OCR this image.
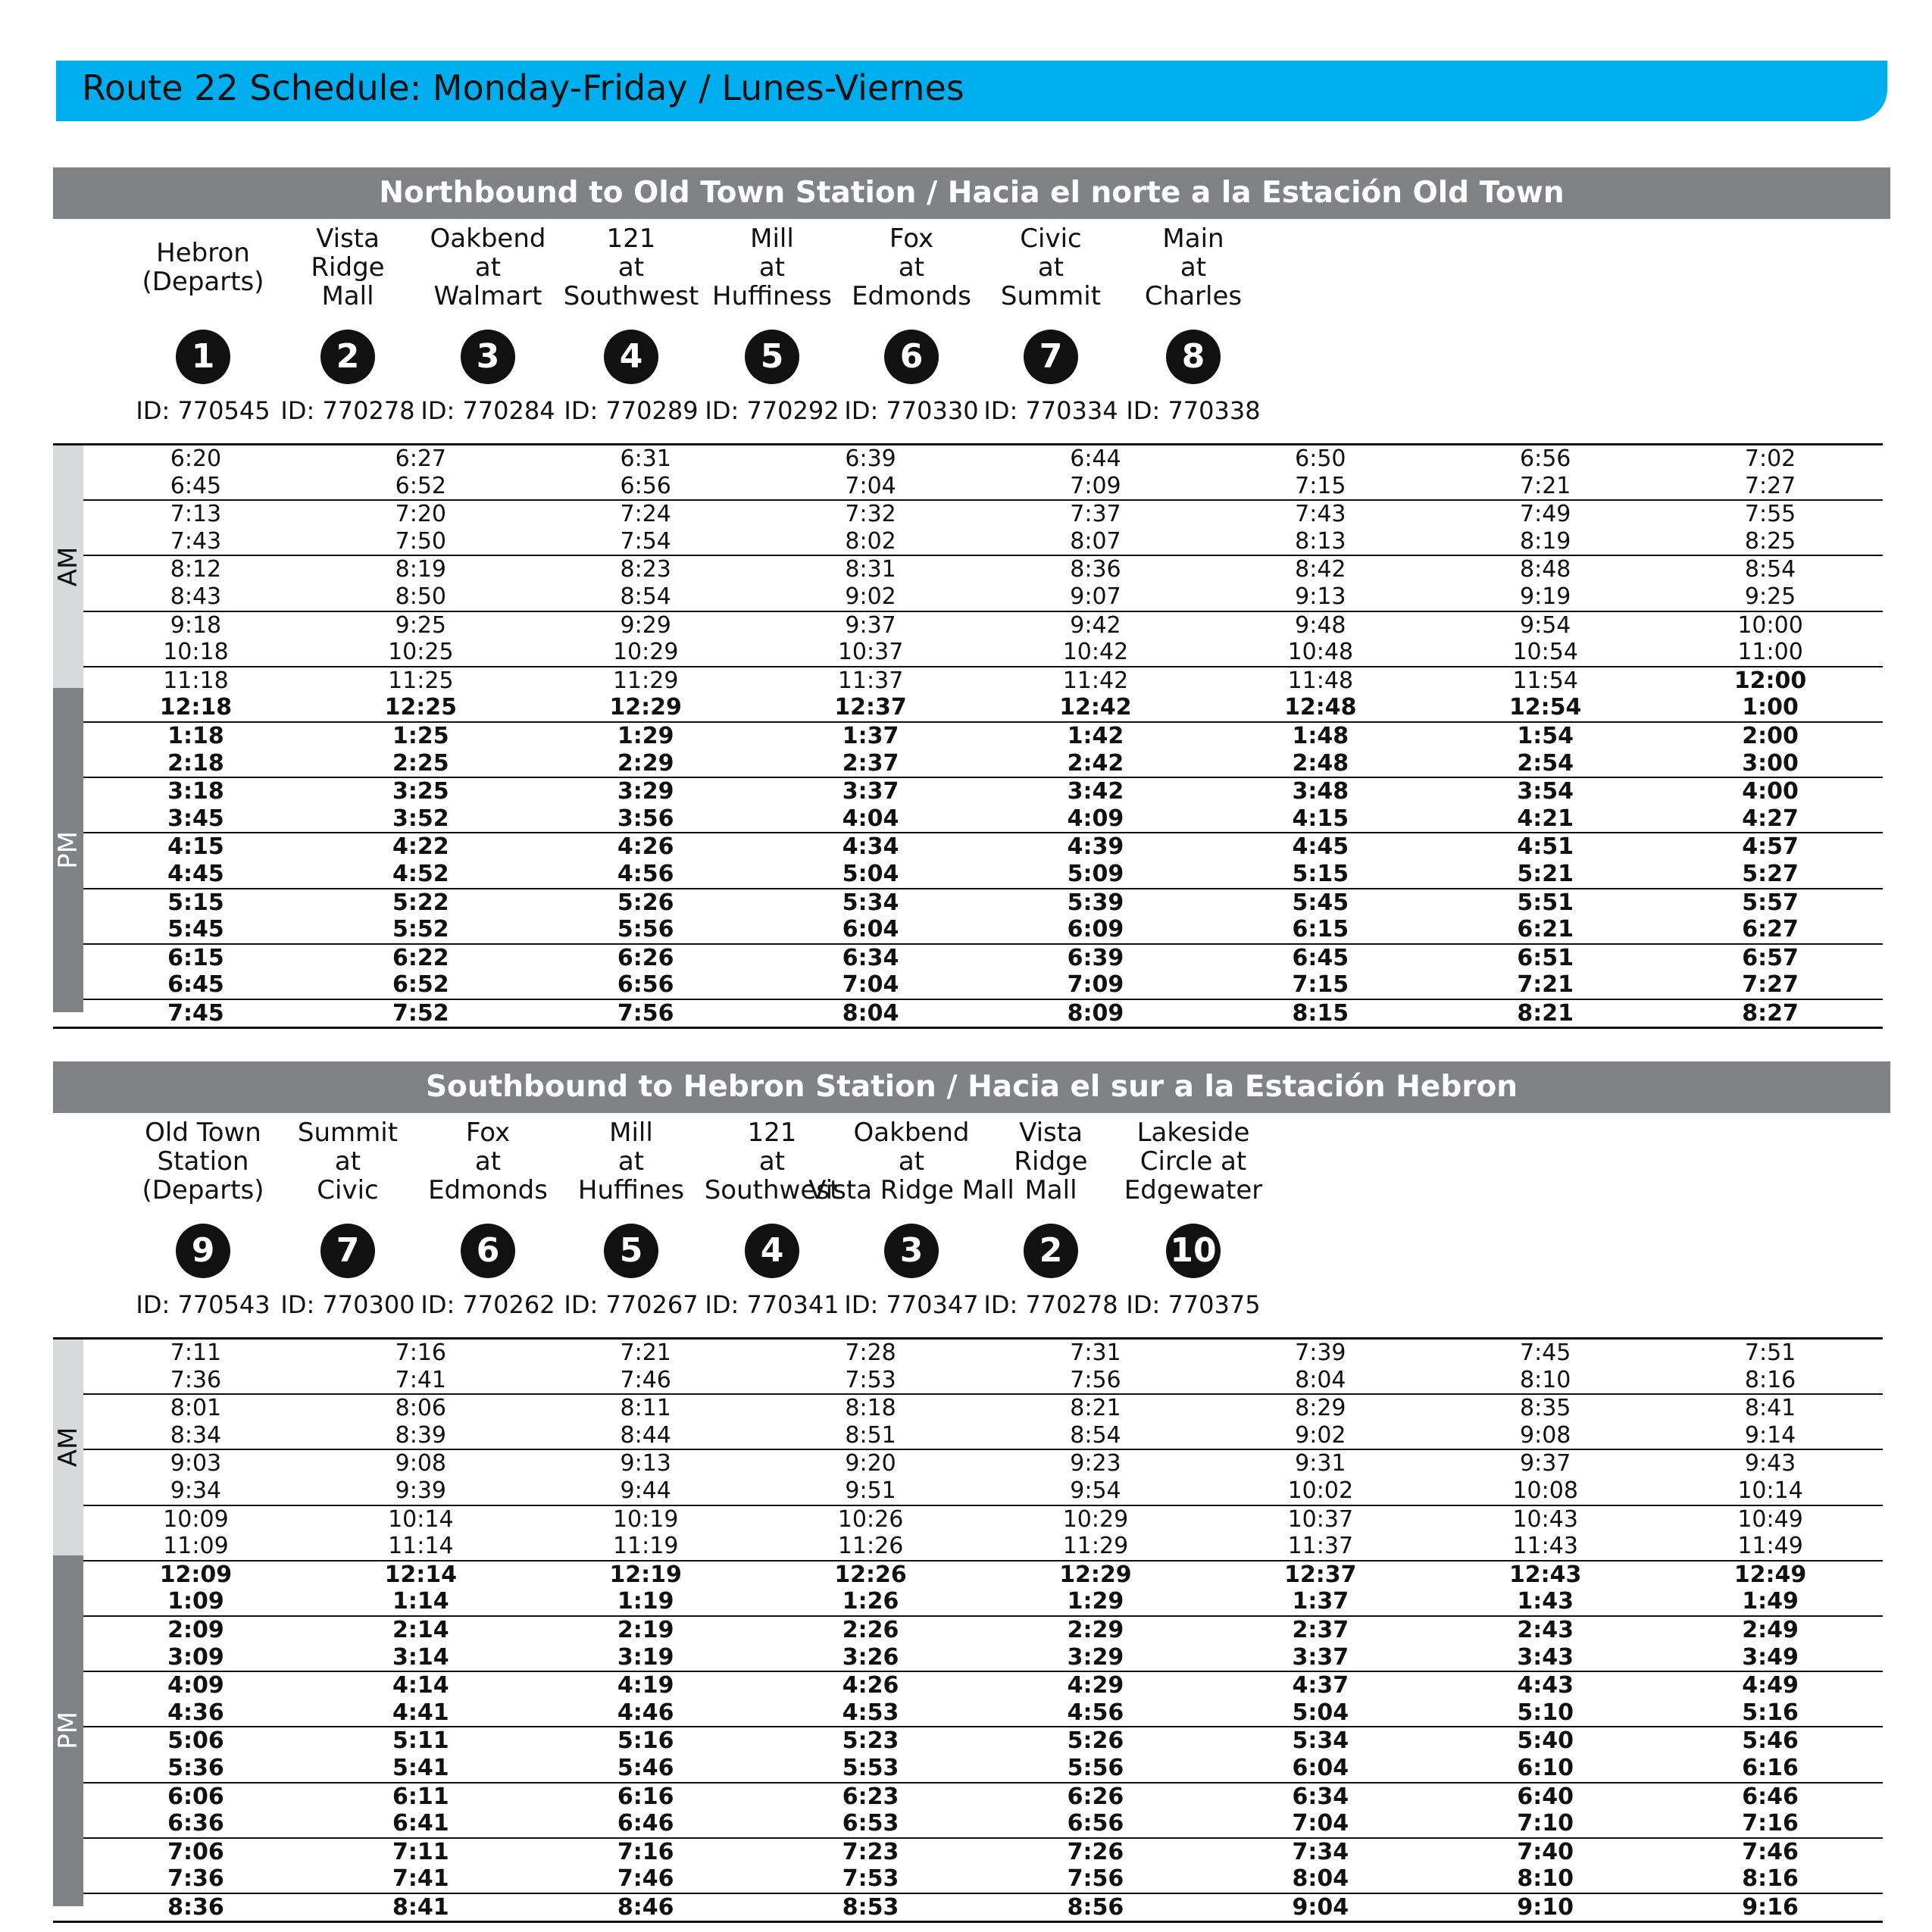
Route 22 Schedule: Monday-Friday / Lunes-Viernes
Northbound to Old Town Station / Hacia el norte a la Estación Old Town
Hebron
(Departs)
1
ID: 770545
Vista
Ridge
Mall
2
ID: 770278
Oakbend
at
Walmart
3
ID: 770284
121
at
Southwest
4
ID: 770289
Mill
at
Huffiness
5
ID: 770292
Fox
at
Edmonds
6
ID: 770330
Civic
at
Summit
7
ID: 770334
Main
at
Charles
8
ID: 770338
AM
PM
6:20	6:27	6:31	6:39	6:44	6:50	6:56	7:02
6:45	6:52	6:56	7:04	7:09	7:15	7:21	7:27
7:13	7:20	7:24	7:32	7:37	7:43	7:49	7:55
7:43	7:50	7:54	8:02	8:07	8:13	8:19	8:25
8:12	8:19	8:23	8:31	8:36	8:42	8:48	8:54
8:43	8:50	8:54	9:02	9:07	9:13	9:19	9:25
9:18	9:25	9:29	9:37	9:42	9:48	9:54	10:00
10:18	10:25	10:29	10:37	10:42	10:48	10:54	11:00
11:18	11:25	11:29	11:37	11:42	11:48	11:54	12:00
12:18	12:25	12:29	12:37	12:42	12:48	12:54	1:00
1:18	1:25	1:29	1:37	1:42	1:48	1:54	2:00
2:18	2:25	2:29	2:37	2:42	2:48	2:54	3:00
3:18	3:25	3:29	3:37	3:42	3:48	3:54	4:00
3:45	3:52	3:56	4:04	4:09	4:15	4:21	4:27
4:15	4:22	4:26	4:34	4:39	4:45	4:51	4:57
4:45	4:52	4:56	5:04	5:09	5:15	5:21	5:27
5:15	5:22	5:26	5:34	5:39	5:45	5:51	5:57
5:45	5:52	5:56	6:04	6:09	6:15	6:21	6:27
6:15	6:22	6:26	6:34	6:39	6:45	6:51	6:57
6:45	6:52	6:56	7:04	7:09	7:15	7:21	7:27
7:45	7:52	7:56	8:04	8:09	8:15	8:21	8:27
Southbound to Hebron Station / Hacia el sur a la Estación Hebron
Old Town
Station
(Departs)
9
ID: 770543
Summit
at
Civic
7
ID: 770300
Fox
at
Edmonds
6
ID: 770262
Mill
at
Huffines
5
ID: 770267
121
at
Southwest
4
ID: 770341
Oakbend
at
Vista Ridge Mall
3
ID: 770347
Vista
Ridge
Mall
2
ID: 770278
Lakeside
Circle at
Edgewater
10
ID: 770375
AM
PM
7:11	7:16	7:21	7:28	7:31	7:39	7:45	7:51
7:36	7:41	7:46	7:53	7:56	8:04	8:10	8:16
8:01	8:06	8:11	8:18	8:21	8:29	8:35	8:41
8:34	8:39	8:44	8:51	8:54	9:02	9:08	9:14
9:03	9:08	9:13	9:20	9:23	9:31	9:37	9:43
9:34	9:39	9:44	9:51	9:54	10:02	10:08	10:14
10:09	10:14	10:19	10:26	10:29	10:37	10:43	10:49
11:09	11:14	11:19	11:26	11:29	11:37	11:43	11:49
12:09	12:14	12:19	12:26	12:29	12:37	12:43	12:49
1:09	1:14	1:19	1:26	1:29	1:37	1:43	1:49
2:09	2:14	2:19	2:26	2:29	2:37	2:43	2:49
3:09	3:14	3:19	3:26	3:29	3:37	3:43	3:49
4:09	4:14	4:19	4:26	4:29	4:37	4:43	4:49
4:36	4:41	4:46	4:53	4:56	5:04	5:10	5:16
5:06	5:11	5:16	5:23	5:26	5:34	5:40	5:46
5:36	5:41	5:46	5:53	5:56	6:04	6:10	6:16
6:06	6:11	6:16	6:23	6:26	6:34	6:40	6:46
6:36	6:41	6:46	6:53	6:56	7:04	7:10	7:16
7:06	7:11	7:16	7:23	7:26	7:34	7:40	7:46
7:36	7:41	7:46	7:53	7:56	8:04	8:10	8:16
8:36	8:41	8:46	8:53	8:56	9:04	9:10	9:16
